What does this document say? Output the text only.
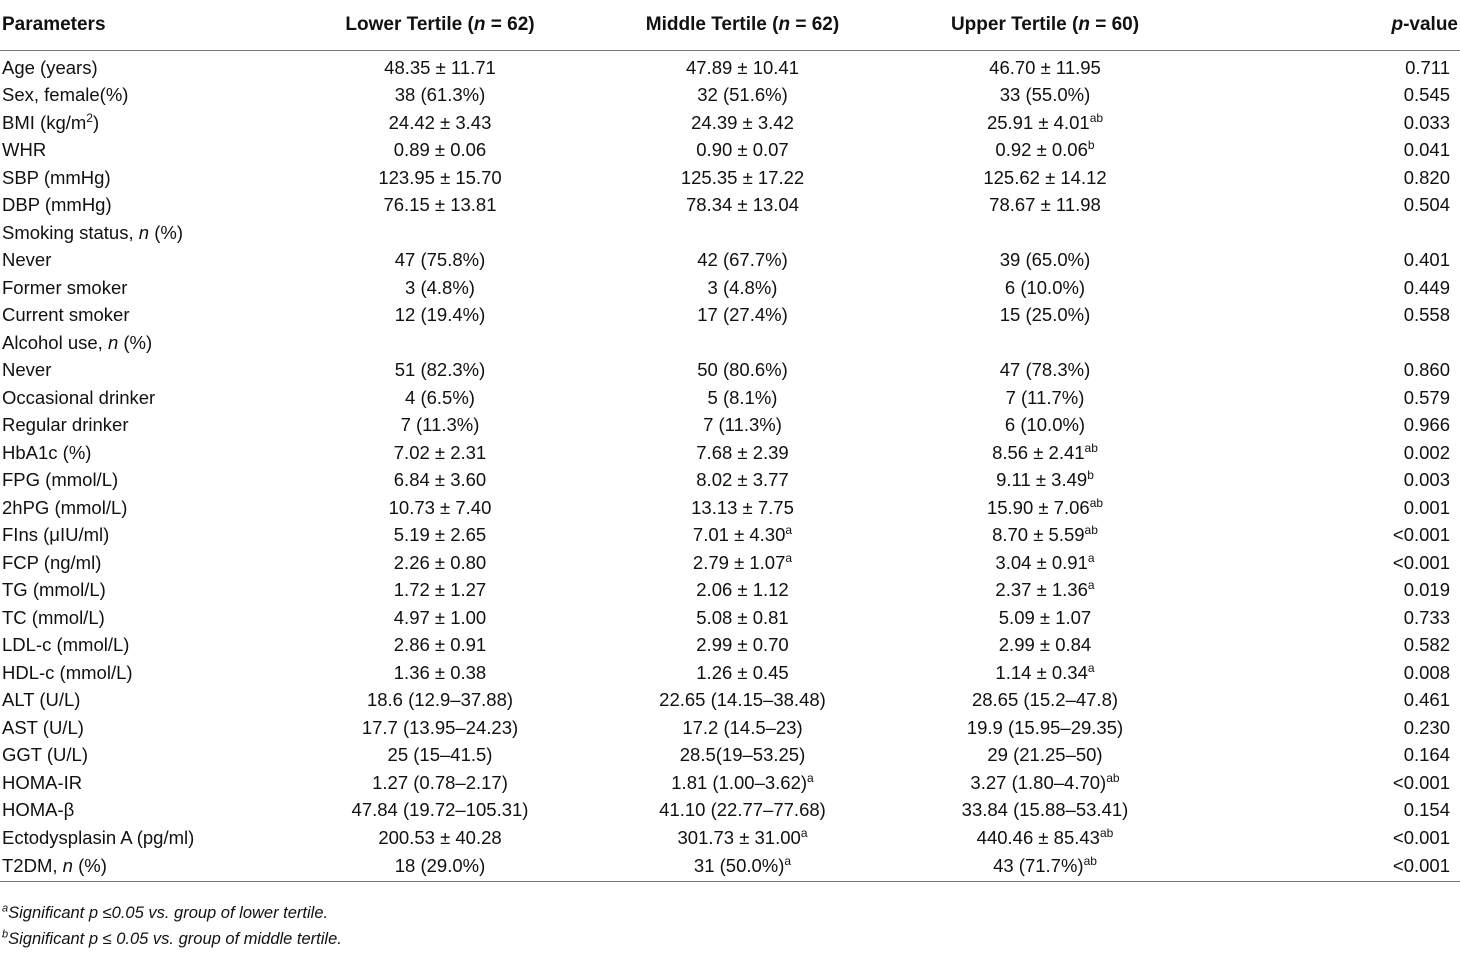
Parameters	Lower Tertile (n = 62)	Middle Tertile (n = 62)	Upper Tertile (n = 60)	p-value
Age (years)	48.35 ± 11.71	47.89 ± 10.41	46.70 ± 11.95	0.711
Sex, female(%)	38 (61.3%)	32 (51.6%)	33 (55.0%)	0.545
BMI $(kg/m^2)$	24.42 ± 3.43	24.39 ± 3.42	25.91 ± 4.01$^{ab}$	0.033
WHR	0.89 ± 0.06	0.90 ± 0.07	0.92 ± 0.06$^b$	0.041
SBP (mmHg)	123.95 ± 15.70	125.35 ± 17.22	125.62 ± 14.12	0.820
DBP (mmHg)	76.15 ± 13.81	78.34 ± 13.04	78.67 ± 11.98	0.504
Smoking status, n (%)				
Never	47 (75.8%)	42 (67.7%)	39 (65.0%)	0.401
Former smoker	3 (4.8%)	3 (4.8%)	6 (10.0%)	0.449
Current smoker	12 (19.4%)	17 (27.4%)	15 (25.0%)	0.558
Alcohol use, n (%)				
Never	51 (82.3%)	50 (80.6%)	47 (78.3%)	0.860
Occasional drinker	4 (6.5%)	5 (8.1%)	7 (11.7%)	0.579
Regular drinker	7 (11.3%)	7 (11.3%)	6 (10.0%)	0.966
HbA1c (%)	7.02 ± 2.31	7.68 ± 2.39	8.56 ± 2.41$^{ab}$	0.002
FPG (mmol/L)	6.84 ± 3.60	8.02 ± 3.77	9.11 ± 3.49$^b$	0.003
2hPG (mmol/L)	10.73 ± 7.40	13.13 ± 7.75	15.90 ± 7.06$^{ab}$	0.001
FIns (μIU/ml)	5.19 ± 2.65	7.01 ± 4.30$^a$	8.70 ± 5.59$^{ab}$	<0.001
FCP (ng/ml)	2.26 ± 0.80	2.79 ± 1.07$^a$	3.04 ± 0.91$^a$	<0.001
TG (mmol/L)	1.72 ± 1.27	2.06 ± 1.12	2.37 ± 1.36$^a$	0.019
TC (mmol/L)	4.97 ± 1.00	5.08 ± 0.81	5.09 ± 1.07	0.733
LDL-c (mmol/L)	2.86 ± 0.91	2.99 ± 0.70	2.99 ± 0.84	0.582
HDL-c (mmol/L)	1.36 ± 0.38	1.26 ± 0.45	1.14 ± 0.34$^a$	0.008
ALT (U/L)	18.6 (12.9–37.88)	22.65 (14.15–38.48)	28.65 (15.2–47.8)	0.461
AST (U/L)	17.7 (13.95–24.23)	17.2 (14.5–23)	19.9 (15.95–29.35)	0.230
GGT (U/L)	25 (15–41.5)	28.5(19–53.25)	29 (21.25–50)	0.164
HOMA-IR	1.27 (0.78–2.17)	1.81 $(1.00-3.62)^a$	3.27 $(1.80-4.70)^{ab}$	<0.001
HOMA-β	47.84 (19.72–105.31)	41.10 (22.77–77.68)	33.84 (15.88–53.41)	0.154
Ectodysplasin A (pg/ml)	200.53 ± 40.28	301.73 ± 31.00$^a$	440.46 ± 85.43$^{ab}$	<0.001
T2DM, n (%)	18 (29.0%)	31 $(50.0\%)^a$	43 $(71.7\%)^{ab}$	<0.001
$^a$Significant p ≤0.05 vs. group of lower tertile.
$^b$Significant p ≤ 0.05 vs. group of middle tertile.
